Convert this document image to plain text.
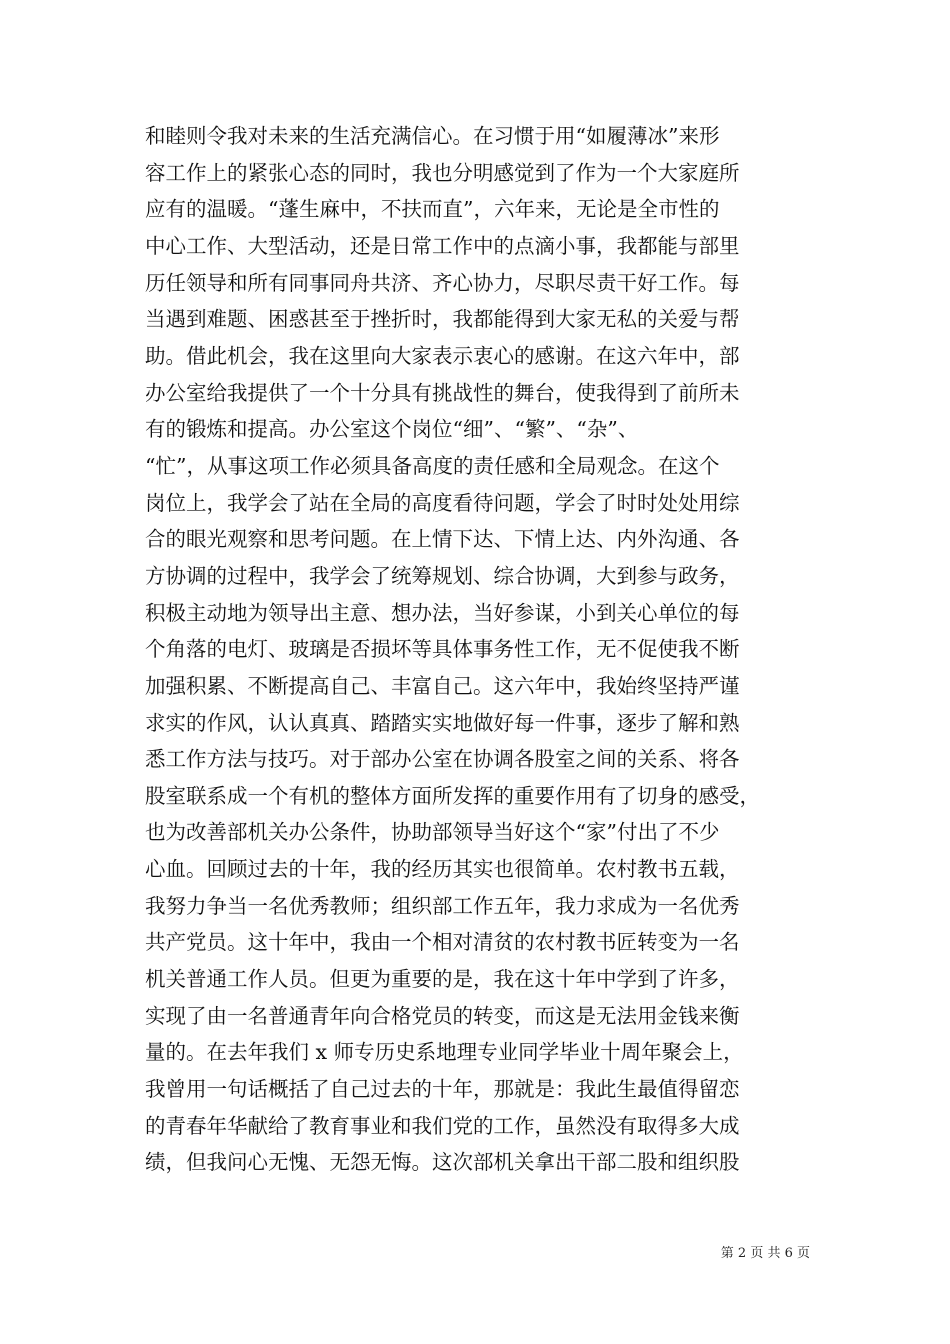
和睦则令我对未来的生活充满信心。在习惯于用“如履薄冰”来形
容工作上的紧张心态的同时，我也分明感觉到了作为一个大家庭所
应有的温暖。“蓬生麻中，不扶而直”，六年来，无论是全市性的
中心工作、大型活动，还是日常工作中的点滴小事，我都能与部里
历任领导和所有同事同舟共济、齐心协力，尽职尽责干好工作。每
当遇到难题、困惑甚至于挫折时，我都能得到大家无私的关爱与帮
助。借此机会，我在这里向大家表示衷心的感谢。在这六年中，部
办公室给我提供了一个十分具有挑战性的舞台，使我得到了前所未
有的锻炼和提高。办公室这个岗位“细”、“繁”、“杂”、
“忙”，从事这项工作必须具备高度的责任感和全局观念。在这个
岗位上，我学会了站在全局的高度看待问题，学会了时时处处用综
合的眼光观察和思考问题。在上情下达、下情上达、内外沟通、各
方协调的过程中，我学会了统筹规划、综合协调，大到参与政务，
积极主动地为领导出主意、想办法，当好参谋，小到关心单位的每
个角落的电灯、玻璃是否损坏等具体事务性工作，无不促使我不断
加强积累、不断提高自己、丰富自己。这六年中，我始终坚持严谨
求实的作风，认认真真、踏踏实实地做好每一件事，逐步了解和熟
悉工作方法与技巧。对于部办公室在协调各股室之间的关系、将各
股室联系成一个有机的整体方面所发挥的重要作用有了切身的感受，
也为改善部机关办公条件，协助部领导当好这个“家”付出了不少
心血。回顾过去的十年，我的经历其实也很简单。农村教书五载，
我努力争当一名优秀教师；组织部工作五年，我力求成为一名优秀
共产党员。这十年中，我由一个相对清贫的农村教书匠转变为一名
机关普通工作人员。但更为重要的是，我在这十年中学到了许多，
实现了由一名普通青年向合格党员的转变，而这是无法用金钱来衡
量的。在去年我们 x 师专历史系地理专业同学毕业十周年聚会上，
我曾用一句话概括了自己过去的十年，那就是：我此生最值得留恋
的青春年华献给了教育事业和我们党的工作，虽然没有取得多大成
绩，但我问心无愧、无怨无悔。这次部机关拿出干部二股和组织股
第 2 页 共 6 页
